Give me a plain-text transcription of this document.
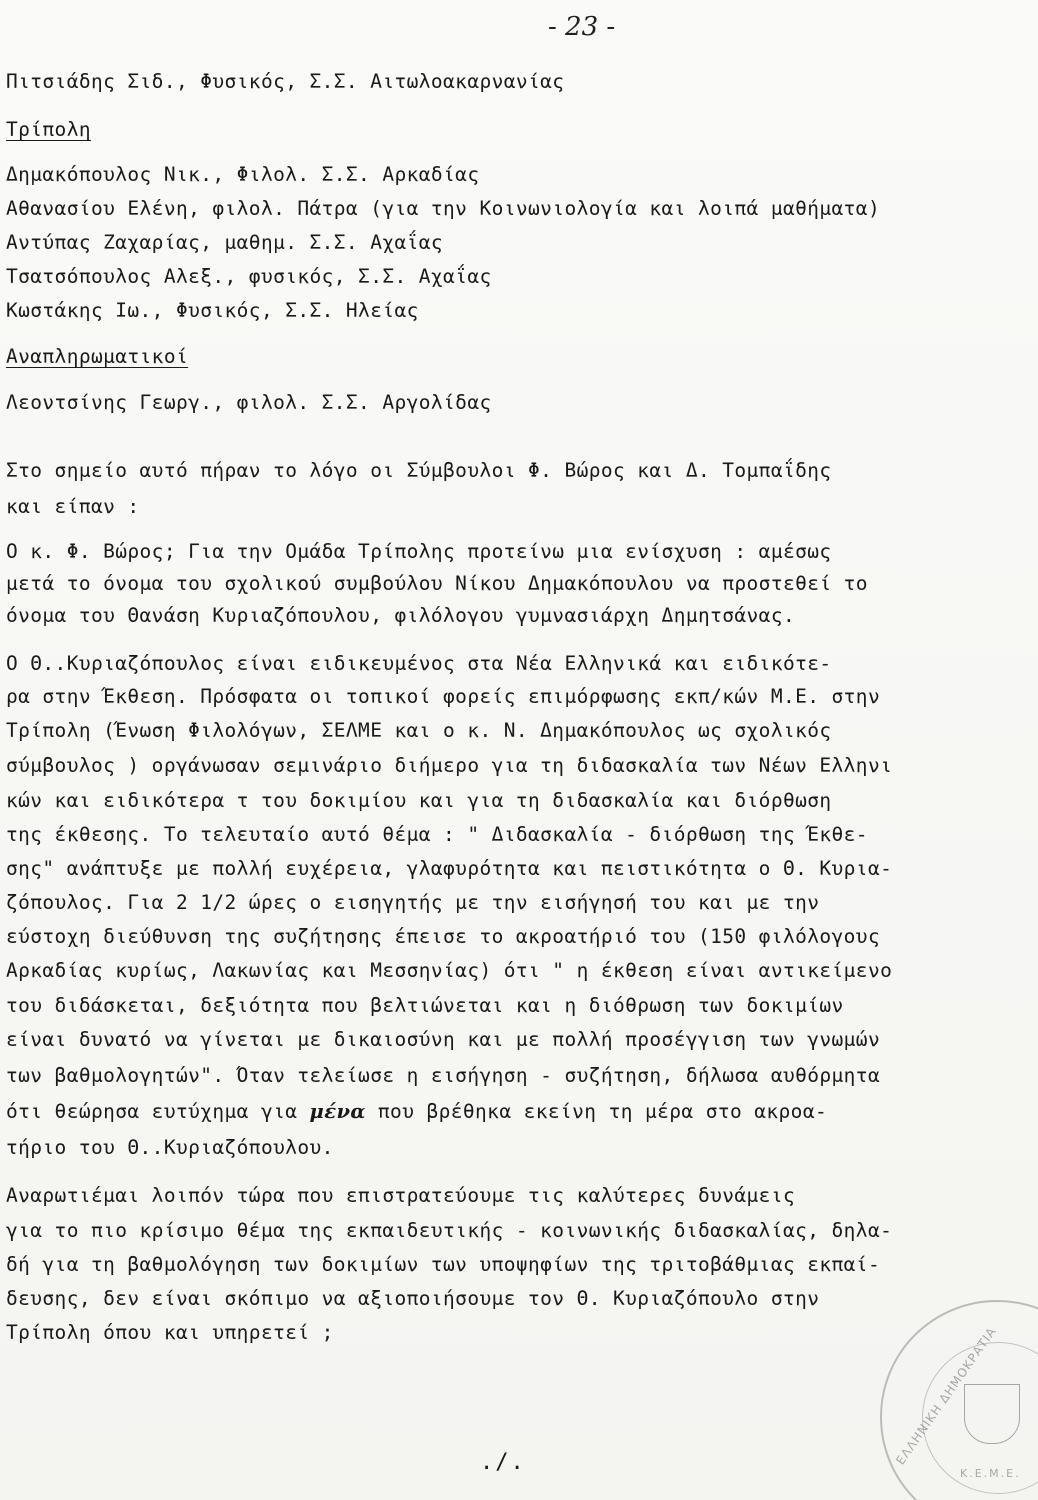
- 23 -
Πιτσιάδης Σιδ., Φυσικός, Σ.Σ. Αιτωλοακαρνανίας
Τρίπολη
Δημακόπουλος Νικ., Φιλολ. Σ.Σ. Αρκαδίας
Αθανασίου Ελένη, φιλολ. Πάτρα (για την Κοινωνιολογία και λοιπά μαθήματα)
Αντύπας Ζαχαρίας, μαθημ. Σ.Σ. Αχαΐας
Τσατσόπουλος Αλεξ., φυσικός, Σ.Σ. Αχαΐας
Κωστάκης Ιω., Φυσικός, Σ.Σ. Ηλείας
Αναπληρωματικοί
Λεοντσίνης Γεωργ., φιλολ. Σ.Σ. Αργολίδας
Στο σημείο αυτό πήραν το λόγο οι Σύμβουλοι Φ. Βώρος και Δ. Τομπαΐδης
και είπαν :
Ο κ. Φ. Βώρος; Για την Ομάδα Τρίπολης προτείνω μια ενίσχυση : αμέσως
μετά το όνομα του σχολικού συμβούλου Νίκου Δημακόπουλου να προστεθεί το
όνομα του Θανάση Κυριαζόπουλου, φιλόλογου γυμνασιάρχη Δημητσάνας.
Ο Θ..Κυριαζόπουλος είναι ειδικευμένος στα Νέα Ελληνικά και ειδικότε-
ρα στην Έκθεση. Πρόσφατα οι τοπικοί φορείς επιμόρφωσης εκπ/κών Μ.Ε. στην
Τρίπολη (Ένωση Φιλολόγων, ΣΕΛΜΕ και ο κ. Ν. Δημακόπουλος ως σχολικός
σύμβουλος ) οργάνωσαν σεμινάριο διήμερο για τη διδασκαλία των Νέων Ελληνι
κών και ειδικότερα τ του δοκιμίου και για τη διδασκαλία και διόρθωση
της έκθεσης. Το τελευταίο αυτό θέμα : " Διδασκαλία - διόρθωση της Έκθε-
σης" ανάπτυξε με πολλή ευχέρεια, γλαφυρότητα και πειστικότητα ο Θ. Κυρια-
ζόπουλος. Για 2 1/2 ώρες ο εισηγητής με την εισήγησή του και με την
εύστοχη διεύθυνση της συζήτησης έπεισε το ακροατήριό του (150 φιλόλογους
Αρκαδίας κυρίως, Λακωνίας και Μεσσηνίας) ότι " η έκθεση είναι αντικείμενο
του διδάσκεται, δεξιότητα που βελτιώνεται και η διόθρωση των δοκιμίων
είναι δυνατό να γίνεται με δικαιοσύνη και με πολλή προσέγγιση των γνωμών
των βαθμολογητών". Όταν τελείωσε η εισήγηση - συζήτηση, δήλωσα αυθόρμητα
ότι θεώρησα ευτύχημα για μένα που βρέθηκα εκείνη τη μέρα στο ακροα-
τήριο του Θ..Κυριαζόπουλου.
Αναρωτιέμαι λοιπόν τώρα που επιστρατεύουμε τις καλύτερες δυνάμεις
για το πιο κρίσιμο θέμα της εκπαιδευτικής - κοινωνικής διδασκαλίας, δηλα-
δή για τη βαθμολόγηση των δοκιμίων των υποψηφίων της τριτοβάθμιας εκπαί-
δευσης, δεν είναι σκόπιμο να αξιοποιήσουμε τον Θ. Κυριαζόπουλο στην
Τρίπολη όπου και υπηρετεί ;	ΕΛΛΗΝΙΚΗ ΔΗΜΟΚΡΑΤΙΑ
Κ.Ε.Μ.Ε.
./.
